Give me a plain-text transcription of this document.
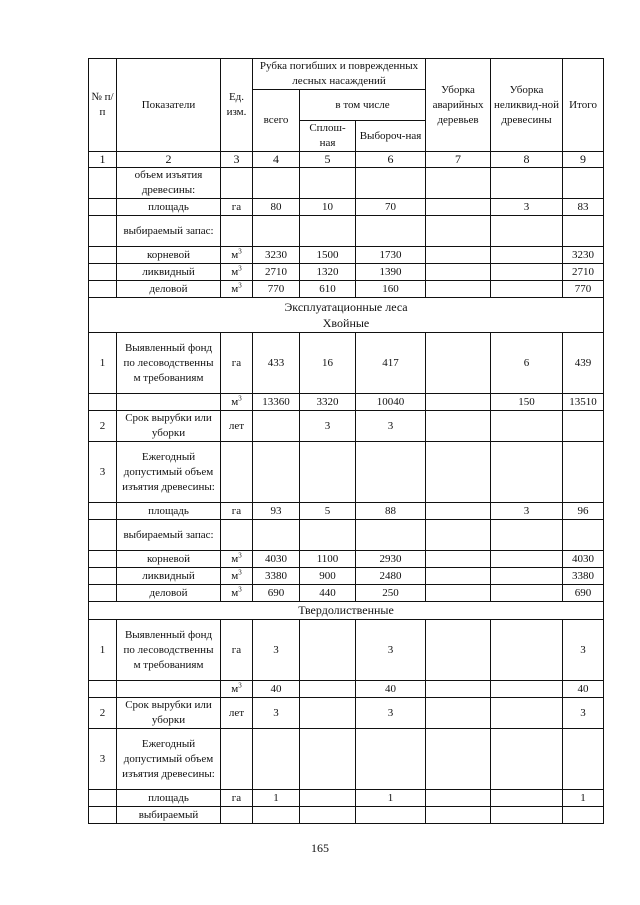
№ п/п	Показатели	Ед. изм.	Рубка погибших и поврежденных лесных насаждений			Уборка аварийных деревьев	Уборка неликвид-ной древесины	Итого

			всего	в том числе				
				Сплош-ная	Выбороч-ная			
1	2	3	4	5	6	7	8	9
	объем изъятия древесины:							
	площадь	га	80	10	70		3	83
	выбираемый запас:							
	корневой	$м^3$	3230	1500	1730			3230
	ликвидный	$м^3$	2710	1320	1390			2710
	деловой	$м^3$	770	610	160			770
Эксплуатационные леса
Хвойные								
1	Выявленный фонд по лесоводственны м требованиям	га	433	16	417		6	439
		$м^3$	13360	3320	10040		150	13510
2	Срок вырубки или уборки	лет		3	3			
3	Ежегодный допустимый объем изъятия древесины:							
	площадь	га	93	5	88		3	96
	выбираемый запас:							
	корневой	$м^3$	4030	1100	2930			4030
	ликвидный	$м^3$	3380	900	2480			3380
	деловой	$м^3$	690	440	250			690
Твердолиственные								
1	Выявленный фонд по лесоводственны м требованиям	га	3		3			3
		$м^3$	40		40			40
2	Срок вырубки или уборки	лет	3		3			3
3	Ежегодный допустимый объем изъятия древесины:							
	площадь	га	1		1			1
	выбираемый							
165
